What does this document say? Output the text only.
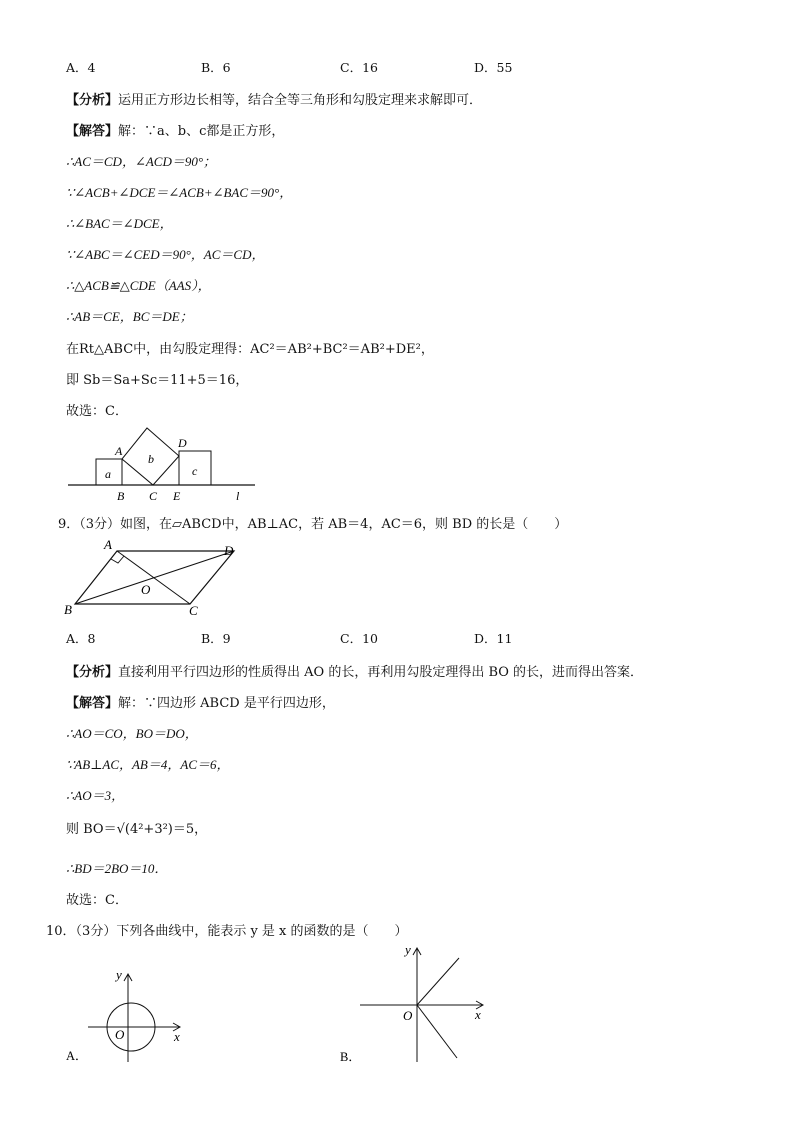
A．4	B．6	C．16	D．55
【分析】运用正方形边长相等，结合全等三角形和勾股定理来求解即可．
【解答】解：∵a、b、c都是正方形，
∴AC＝CD，∠ACD＝90°；
∵∠ACB+∠DCE＝∠ACB+∠BAC＝90°，
∴∠BAC＝∠DCE，
∵∠ABC＝∠CED＝90°，AC＝CD，
∴△ACB≌△CDE（AAS），
∴AB＝CE，BC＝DE；
在Rt△ABC中，由勾股定理得：AC²＝AB²+BC²＝AB²+DE²，
即 Sb＝Sa+Sc＝11+5＝16，
故选：C．
A
D
b
a	c
B C E	l
9．（3分）如图，在▱ABCD中，AB⊥AC，若 AB＝4，AC＝6，则 BD 的长是（　　）
A	D
O
B	C
A．8	B．9	C．10	D．11
【分析】直接利用平行四边形的性质得出 AO 的长，再利用勾股定理得出 BO 的长，进而得出答案．
【解答】解：∵四边形 ABCD 是平行四边形，
∴AO＝CO，BO＝DO，
∵AB⊥AC，AB＝4，AC＝6，
∴AO＝3，
则 BO＝√(4²+3²)＝5，
∴BD＝2BO＝10．
故选：C．
10．（3分）下列各曲线中，能表示 y 是 x 的函数的是（　　）
y
O	x
A．
y
O	x
B．
